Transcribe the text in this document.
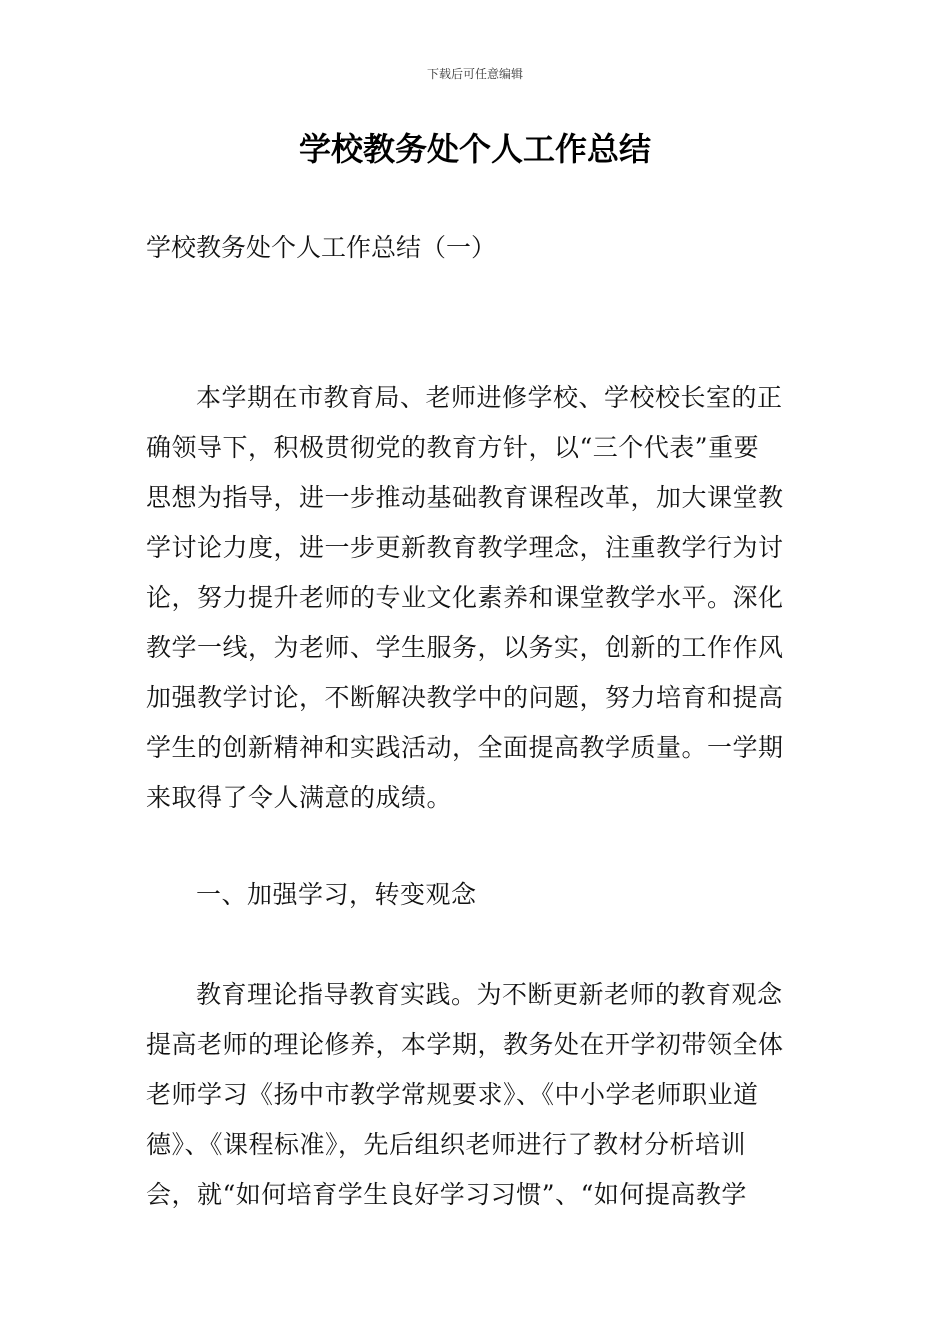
下载后可任意编辑
学校教务处个人工作总结
学校教务处个人工作总结（一）
本学期在市教育局、老师进修学校、学校校长室的正
确领导下，积极贯彻党的教育方针，以“三个代表”重要
思想为指导，进一步推动基础教育课程改革，加大课堂教
学讨论力度，进一步更新教育教学理念，注重教学行为讨
论，努力提升老师的专业文化素养和课堂教学水平。深化
教学一线，为老师、学生服务，以务实，创新的工作作风
加强教学讨论，不断解决教学中的问题，努力培育和提高
学生的创新精神和实践活动，全面提高教学质量。一学期
来取得了令人满意的成绩。
一、加强学习，转变观念
教育理论指导教育实践。为不断更新老师的教育观念
提高老师的理论修养，本学期，教务处在开学初带领全体
老师学习《扬中市教学常规要求》、《中小学老师职业道
德》、《课程标准》，先后组织老师进行了教材分析培训
会，就“如何培育学生良好学习习惯”、“如何提高教学
